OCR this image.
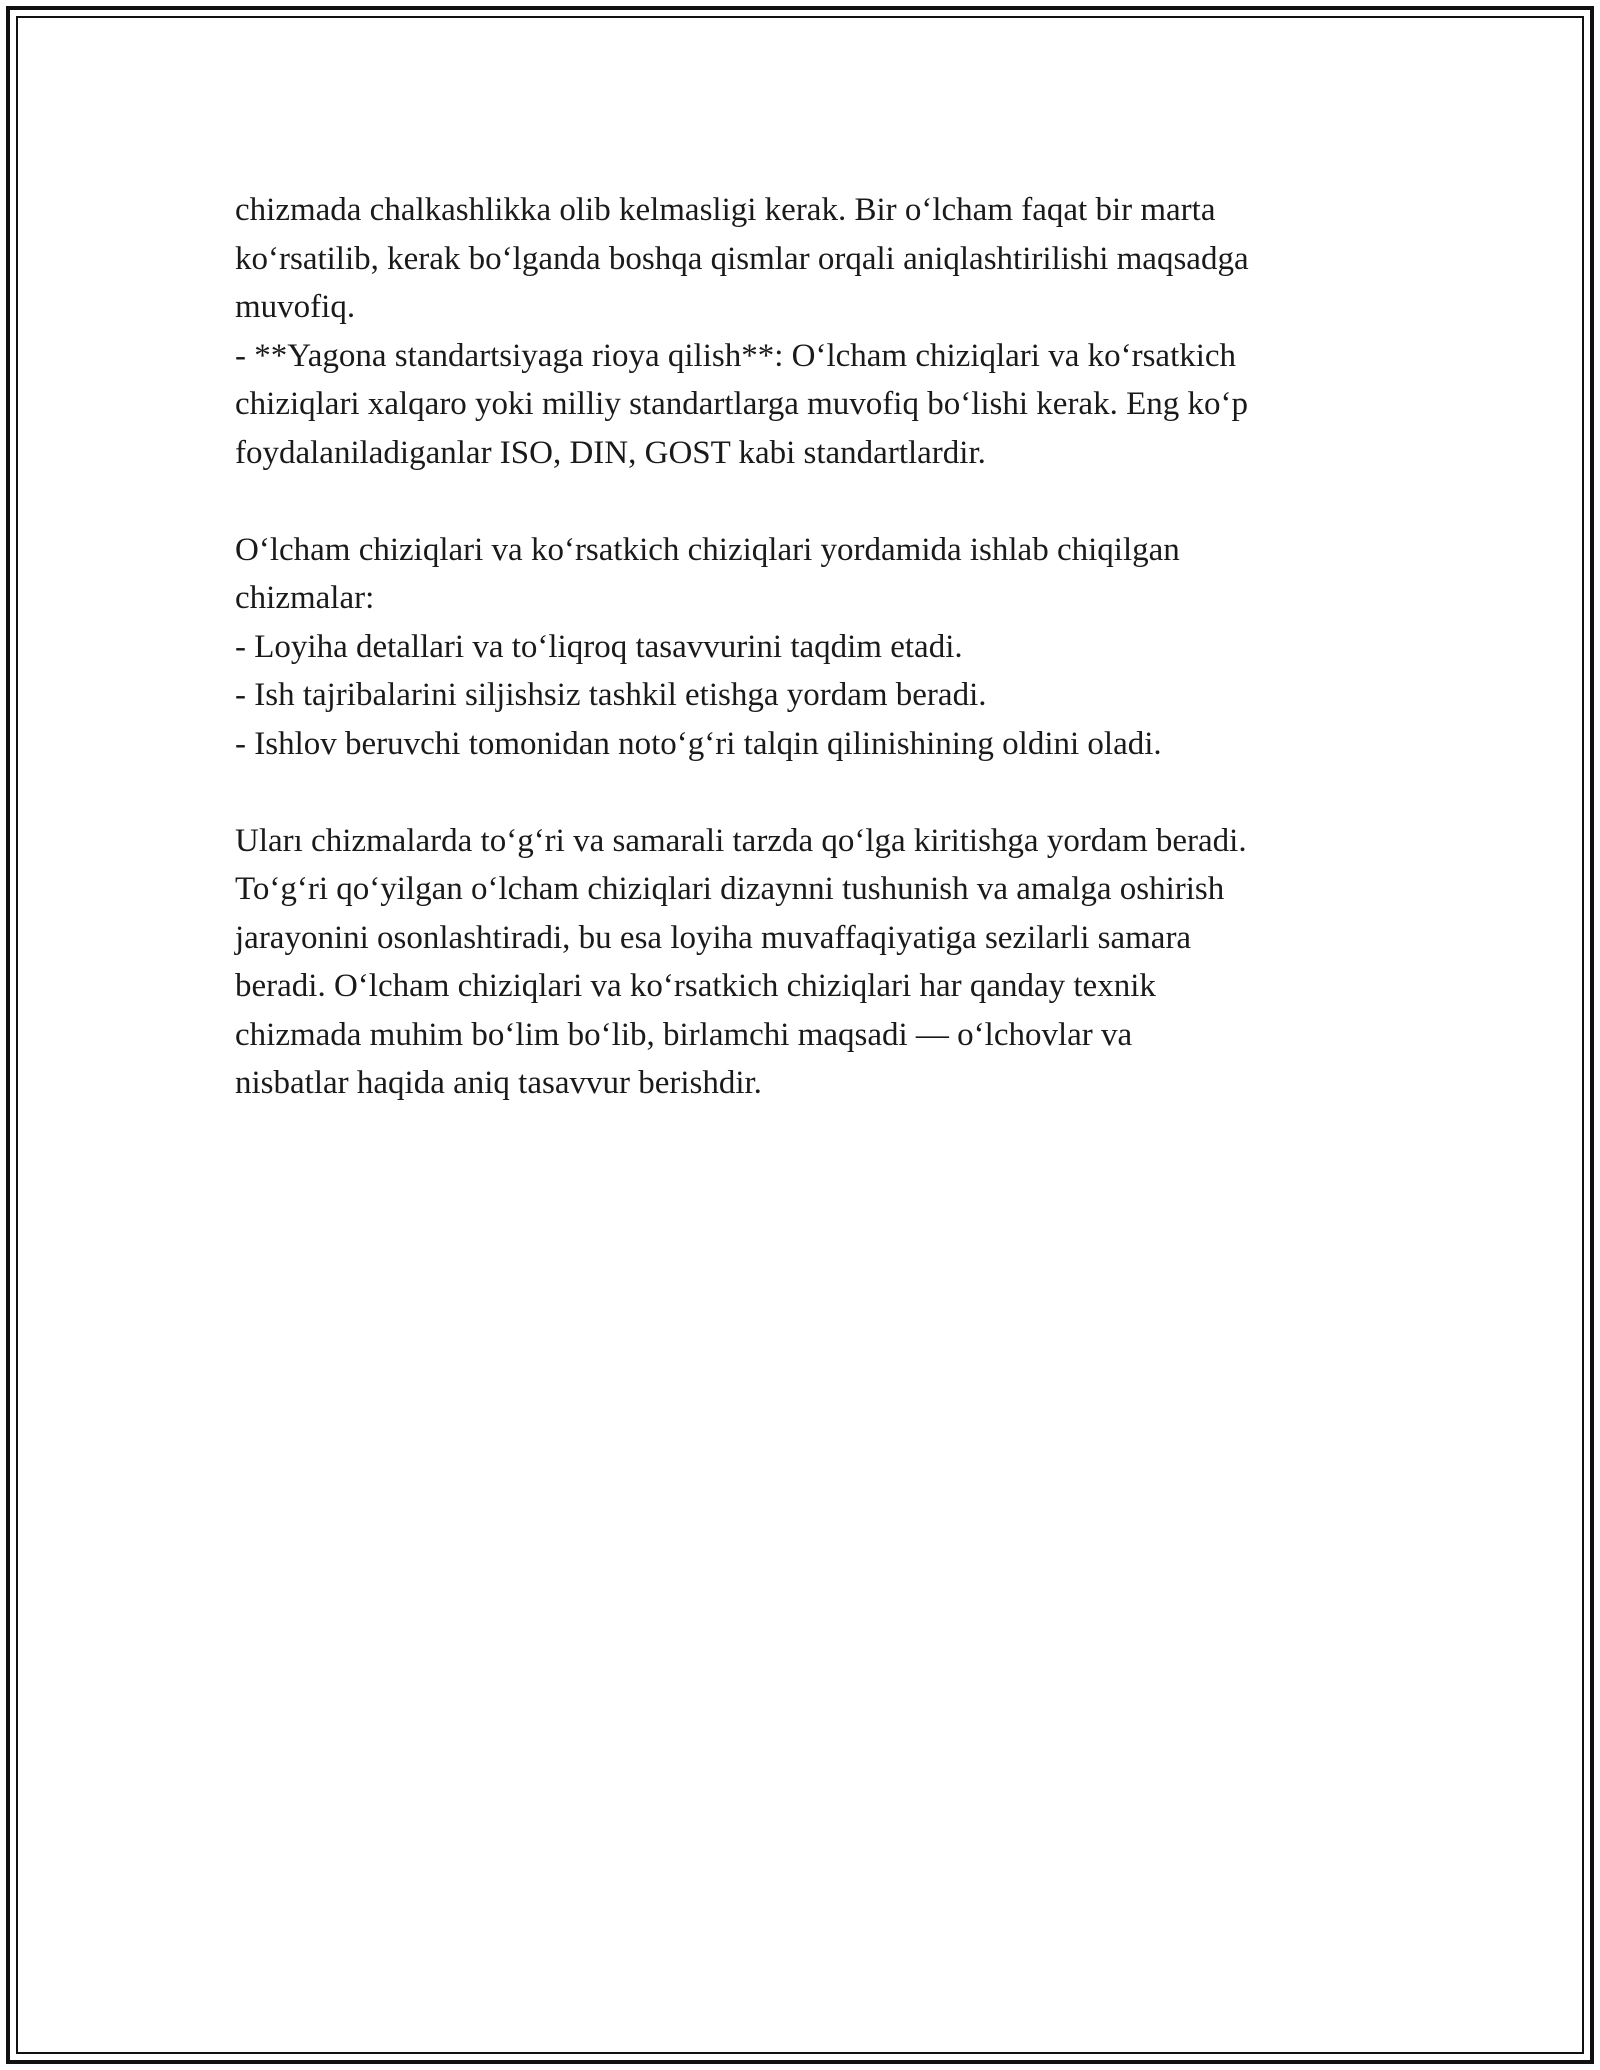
chizmada chalkashlikka olib kelmasligi kerak. Bir oʻlcham faqat bir marta
koʻrsatilib, kerak boʻlganda boshqa qismlar orqali aniqlashtirilishi maqsadga
muvofiq.
- **Yagona standartsiyaga rioya qilish**: Oʻlcham chiziqlari va koʻrsatkich
chiziqlari xalqaro yoki milliy standartlarga muvofiq boʻlishi kerak. Eng koʻp
foydalaniladiganlar ISO, DIN, GOST kabi standartlardir.

Oʻlcham chiziqlari va koʻrsatkich chiziqlari yordamida ishlab chiqilgan
chizmalar:
- Loyiha detallari va toʻliqroq tasavvurini taqdim etadi.
- Ish tajribalarini siljishsiz tashkil etishga yordam beradi.
- Ishlov beruvchi tomonidan notoʻgʻri talqin qilinishining oldini oladi.

Uları chizmalarda toʻgʻri va samarali tarzda qoʻlga kiritishga yordam beradi.
Toʻgʻri qoʻyilgan oʻlcham chiziqlari dizaynni tushunish va amalga oshirish
jarayonini osonlashtiradi, bu esa loyiha muvaffaqiyatiga sezilarli samara
beradi. Oʻlcham chiziqlari va koʻrsatkich chiziqlari har qanday texnik
chizmada muhim boʻlim boʻlib, birlamchi maqsadi — oʻlchovlar va
nisbatlar haqida aniq tasavvur berishdir.
